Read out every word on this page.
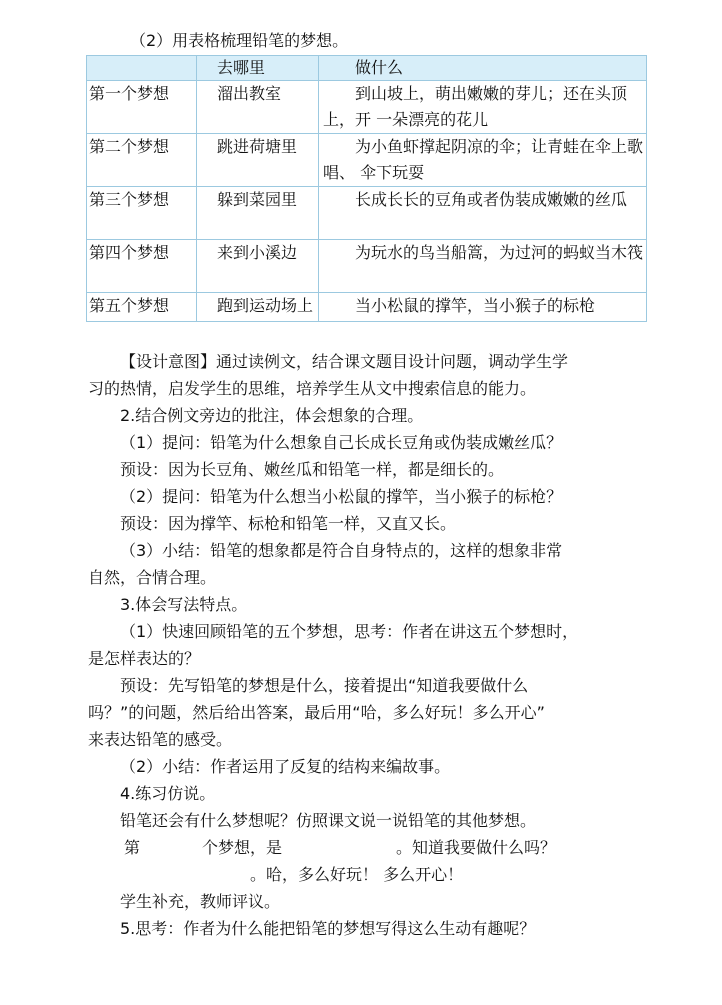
（2）用表格梳理铅笔的梦想。
	去哪里	做什么
第一个梦想	溜出教室	到山坡上，萌出嫩嫩的芽儿；还在头顶上，开 一朵漂亮的花儿
第二个梦想	跳进荷塘里	为小鱼虾撑起阴凉的伞；让青蛙在伞上歌唱、 伞下玩耍
第三个梦想	躲到菜园里	长成长长的豆角或者伪装成嫩嫩的丝瓜
第四个梦想	来到小溪边	为玩水的鸟当船篙，为过河的蚂蚁当木筏
第五个梦想	跑到运动场上	当小松鼠的撑竿，当小猴子的标枪
【设计意图】通过读例文，结合课文题目设计问题，调动学生学
习的热情，启发学生的思维，培养学生从文中搜索信息的能力。
2.结合例文旁边的批注，体会想象的合理。
（1）提问：铅笔为什么想象自己长成长豆角或伪装成嫩丝瓜？
预设：因为长豆角、嫩丝瓜和铅笔一样，都是细长的。
（2）提问：铅笔为什么想当小松鼠的撑竿，当小猴子的标枪？
预设：因为撑竿、标枪和铅笔一样，又直又长。
（3）小结：铅笔的想象都是符合自身特点的，这样的想象非常
自然，合情合理。
3.体会写法特点。
（1）快速回顾铅笔的五个梦想，思考：作者在讲这五个梦想时，
是怎样表达的？
预设：先写铅笔的梦想是什么，接着提出“知道我要做什么
吗？”的问题，然后给出答案，最后用“哈，多么好玩！多么开心”
来表达铅笔的感受。
（2）小结：作者运用了反复的结构来编故事。
4.练习仿说。
铅笔还会有什么梦想呢？仿照课文说一说铅笔的其他梦想。
第	个梦想，是	。知道我要做什么吗？
。哈，多么好玩！ 多么开心！
学生补充，教师评议。
5.思考：作者为什么能把铅笔的梦想写得这么生动有趣呢？
